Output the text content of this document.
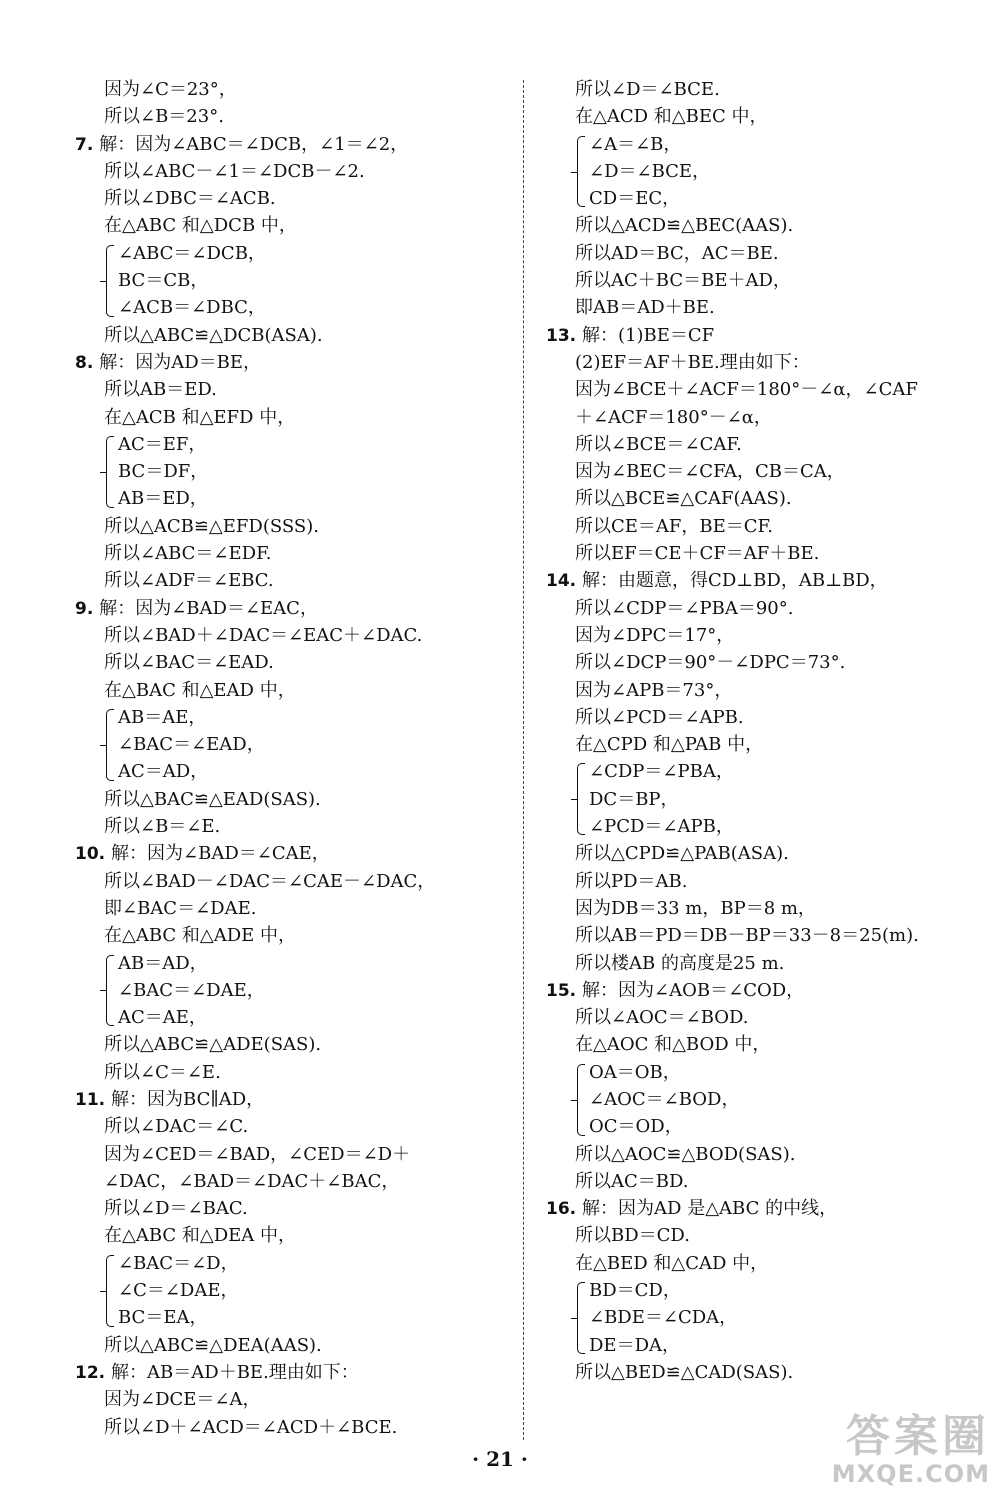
因为∠C＝23°，
所以∠B＝23°.
7. 解：因为∠ABC＝∠DCB，∠1＝∠2，
所以∠ABC－∠1＝∠DCB－∠2.
所以∠DBC＝∠ACB.
在△ABC 和△DCB 中，
∠ABC＝∠DCB，
BC＝CB，
∠ACB＝∠DBC，
所以△ABC≌△DCB(ASA).
8. 解：因为AD＝BE，
所以AB＝ED.
在△ACB 和△EFD 中，
AC＝EF，
BC＝DF，
AB＝ED，
所以△ACB≌△EFD(SSS).
所以∠ABC＝∠EDF.
所以∠ADF＝∠EBC.
9. 解：因为∠BAD＝∠EAC，
所以∠BAD＋∠DAC＝∠EAC＋∠DAC.
所以∠BAC＝∠EAD.
在△BAC 和△EAD 中，
AB＝AE，
∠BAC＝∠EAD，
AC＝AD，
所以△BAC≌△EAD(SAS).
所以∠B＝∠E.
10. 解：因为∠BAD＝∠CAE，
所以∠BAD－∠DAC＝∠CAE－∠DAC，
即∠BAC＝∠DAE.
在△ABC 和△ADE 中，
AB＝AD，
∠BAC＝∠DAE，
AC＝AE，
所以△ABC≌△ADE(SAS).
所以∠C＝∠E.
11. 解：因为BC∥AD，
所以∠DAC＝∠C.
因为∠CED＝∠BAD，∠CED＝∠D＋
∠DAC，∠BAD＝∠DAC＋∠BAC，
所以∠D＝∠BAC.
在△ABC 和△DEA 中，
∠BAC＝∠D，
∠C＝∠DAE，
BC＝EA，
所以△ABC≌△DEA(AAS).
12. 解：AB＝AD＋BE.理由如下：
因为∠DCE＝∠A，
所以∠D＋∠ACD＝∠ACD＋∠BCE.
所以∠D＝∠BCE.
在△ACD 和△BEC 中，
∠A＝∠B，
∠D＝∠BCE，
CD＝EC，
所以△ACD≌△BEC(AAS).
所以AD＝BC，AC＝BE.
所以AC＋BC＝BE＋AD，
即AB＝AD＋BE.
13. 解：(1)BE＝CF
(2)EF＝AF＋BE.理由如下：
因为∠BCE＋∠ACF＝180°－∠α，∠CAF
＋∠ACF＝180°－∠α，
所以∠BCE＝∠CAF.
因为∠BEC＝∠CFA，CB＝CA，
所以△BCE≌△CAF(AAS).
所以CE＝AF，BE＝CF.
所以EF＝CE＋CF＝AF＋BE.
14. 解：由题意，得CD⊥BD，AB⊥BD，
所以∠CDP＝∠PBA＝90°.
因为∠DPC＝17°，
所以∠DCP＝90°－∠DPC＝73°.
因为∠APB＝73°，
所以∠PCD＝∠APB.
在△CPD 和△PAB 中，
∠CDP＝∠PBA，
DC＝BP，
∠PCD＝∠APB，
所以△CPD≌△PAB(ASA).
所以PD＝AB.
因为DB＝33 m，BP＝8 m，
所以AB＝PD＝DB－BP＝33－8＝25(m).
所以楼AB 的高度是25 m.
15. 解：因为∠AOB＝∠COD，
所以∠AOC＝∠BOD.
在△AOC 和△BOD 中，
OA＝OB，
∠AOC＝∠BOD，
OC＝OD，
所以△AOC≌△BOD(SAS).
所以AC＝BD.
16. 解：因为AD 是△ABC 的中线，
所以BD＝CD.
在△BED 和△CAD 中，
BD＝CD，
∠BDE＝∠CDA，
DE＝DA，
所以△BED≌△CAD(SAS).
· 21 ·	答案圈
MXQE.COM
